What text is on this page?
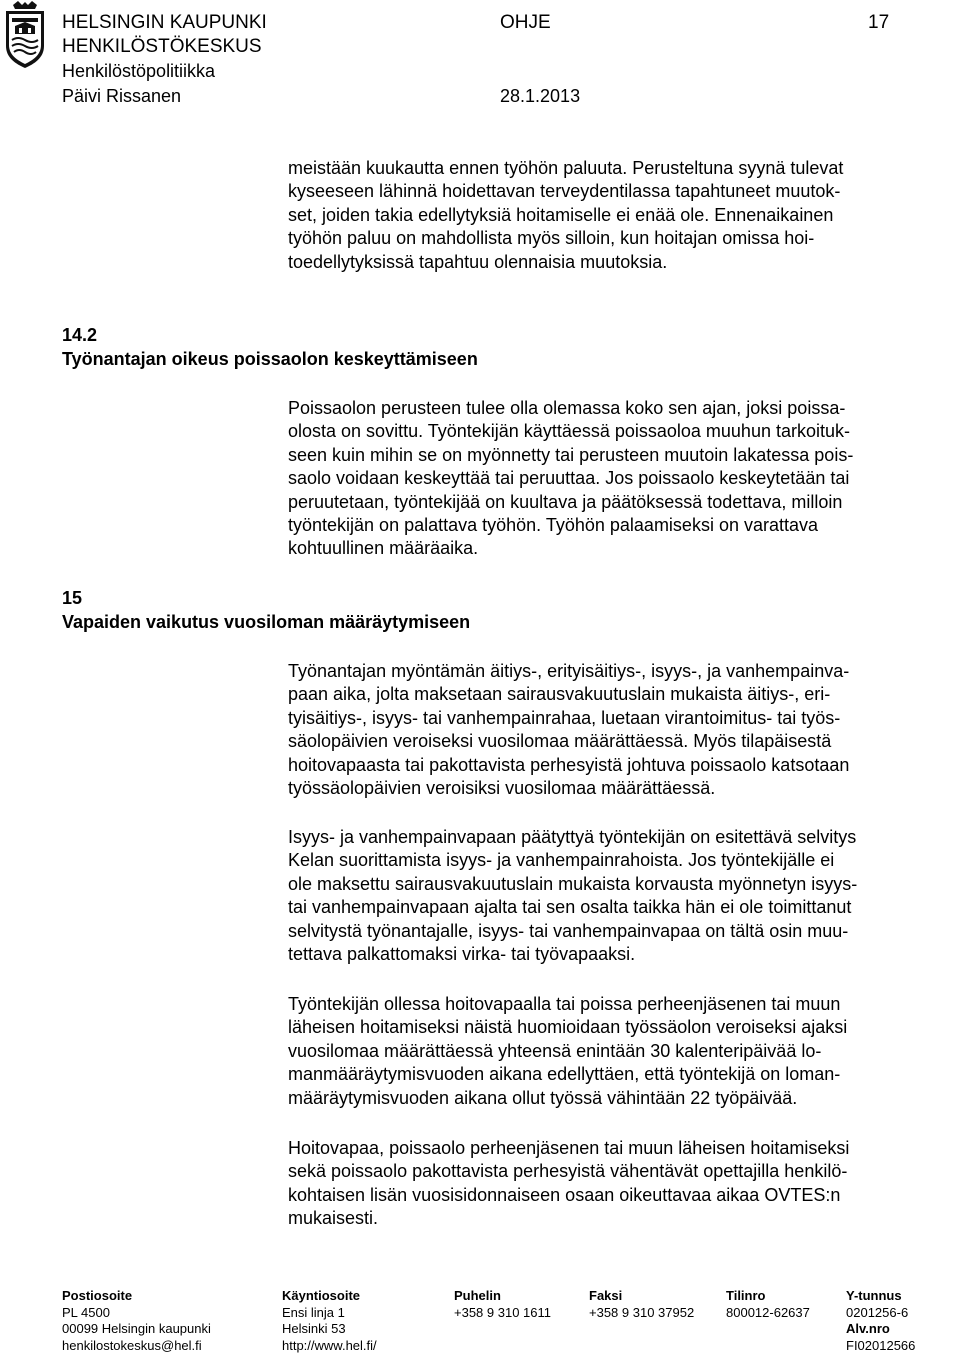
HELSINGIN KAUPUNKI
HENKILÖSTÖKESKUS
Henkilöstöpolitiikka
Päivi Rissanen
OHJE
28.1.2013
17

meistään kuukautta ennen työhön paluuta. Perusteltuna syynä tulevat
kyseeseen lähinnä hoidettavan terveydentilassa tapahtuneet muutok-
set, joiden takia edellytyksiä hoitamiselle ei enää ole. Ennenaikainen
työhön paluu on mahdollista myös silloin, kun hoitajan omissa hoi-
toedellytyksissä tapahtuu olennaisia muutoksia.

14.2
Työnantajan oikeus poissaolon keskeyttämiseen

Poissaolon perusteen tulee olla olemassa koko sen ajan, joksi poissa-
olosta on sovittu. Työntekijän käyttäessä poissaoloa muuhun tarkoituk-
seen kuin mihin se on myönnetty tai perusteen muutoin lakatessa pois-
saolo voidaan keskeyttää tai peruuttaa. Jos poissaolo keskeytetään tai
peruutetaan, työntekijää on kuultava ja päätöksessä todettava, milloin
työntekijän on palattava työhön. Työhön palaamiseksi on varattava
kohtuullinen määräaika.

15
Vapaiden vaikutus vuosiloman määräytymiseen

Työnantajan myöntämän äitiys-, erityisäitiys-, isyys-, ja vanhempainva-
paan aika, jolta maksetaan sairausvakuutuslain mukaista äitiys-, eri-
tyisäitiys-, isyys- tai vanhempainrahaa, luetaan virantoimitus- tai työs-
säolopäivien veroiseksi vuosilomaa määrättäessä. Myös tilapäisestä
hoitovapaasta tai pakottavista perhesyistä johtuva poissaolo katsotaan
työssäolopäivien veroisiksi vuosilomaa määrättäessä.

Isyys- ja vanhempainvapaan päätyttyä työntekijän on esitettävä selvitys
Kelan suorittamista isyys- ja vanhempainrahoista. Jos työntekijälle ei
ole maksettu sairausvakuutuslain mukaista korvausta myönnetyn isyys-
tai vanhempainvapaan ajalta tai sen osalta taikka hän ei ole toimittanut
selvitystä työnantajalle, isyys- tai vanhempainvapaa on tältä osin muu-
tettava palkattomaksi virka- tai työvapaaksi.

Työntekijän ollessa hoitovapaalla tai poissa perheenjäsenen tai muun
läheisen hoitamiseksi näistä huomioidaan työssäolon veroiseksi ajaksi
vuosilomaa määrättäessä yhteensä enintään 30 kalenteripäivää lo-
manmääräytymisvuoden aikana edellyttäen, että työntekijä on loman-
määräytymisvuoden aikana ollut työssä vähintään 22 työpäivää.

Hoitovapaa, poissaolo perheenjäsenen tai muun läheisen hoitamiseksi
sekä poissaolo pakottavista perhesyistä vähentävät opettajilla henkilö-
kohtaisen lisän vuosisidonnaiseen osaan oikeuttavaa aikaa OVTES:n
mukaisesti.

Postiosoite
PL 4500
00099 Helsingin kaupunki
henkilostokeskus@hel.fi
Käyntiosoite
Ensi linja 1
Helsinki 53
http://www.hel.fi/
Puhelin
+358 9 310 1611
Faksi
+358 9 310 37952
Tilinro
800012-62637
Y-tunnus
0201256-6
Alv.nro
FI02012566
